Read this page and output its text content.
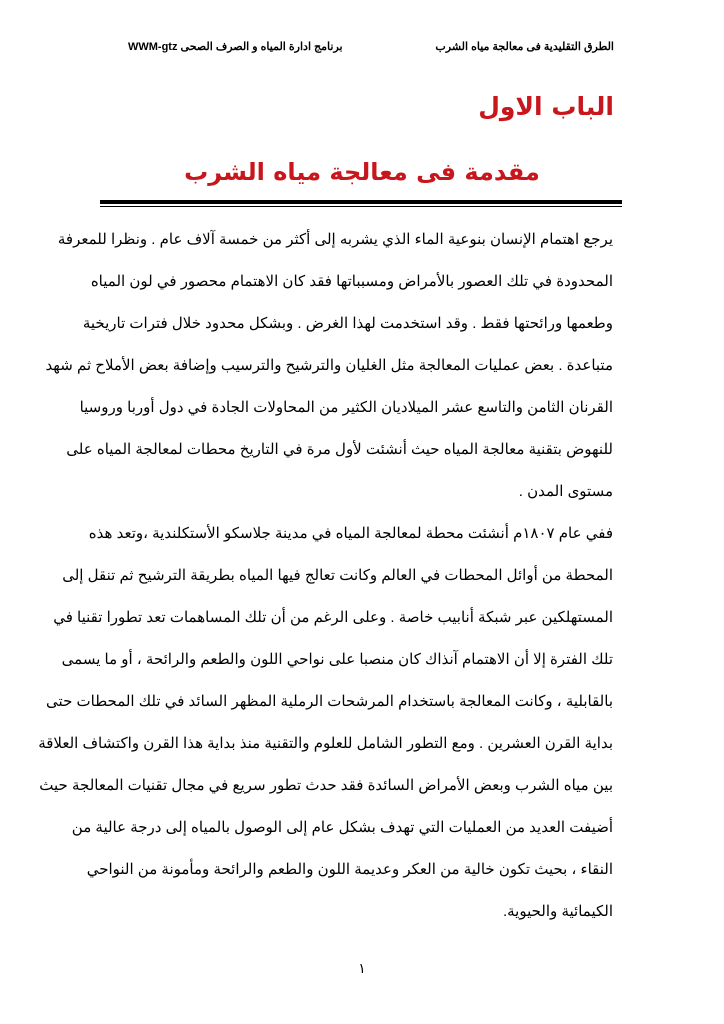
الطرق التقليدية فى معالجة مياه الشرب
برنامج ادارة المياه و الصرف الصحى WWM-gtz
الباب الاول
مقدمة فى معالجة مياه الشرب
يرجع اهتمام الإنسان بنوعية الماء الذي يشربه إلى أكثر من خمسة آلاف عام . ونظرا للمعرفة
المحدودة في تلك العصور بالأمراض ومسبباتها فقد كان الاهتمام محصور في لون المياه
وطعمها ورائحتها فقط . وقد استخدمت لهذا الغرض . وبشكل محدود خلال فترات تاريخية
متباعدة . بعض عمليات المعالجة مثل الغليان والترشيح والترسيب وإضافة بعض الأملاح ثم شهد
القرنان الثامن والتاسع عشر الميلاديان الكثير من المحاولات الجادة في دول أوربا وروسيا
للنهوض بتقنية معالجة المياه حيث أنشئت لأول مرة في التاريخ محطات لمعالجة المياه على
مستوى المدن .
ففي عام ١٨٠٧م أنشئت محطة لمعالجة المياه في مدينة جلاسكو الأستكلندية ،وتعد هذه
المحطة من أوائل المحطات في العالم وكانت تعالج فيها المياه بطريقة الترشيح ثم تنقل إلى
المستهلكين عبر شبكة أنابيب خاصة . وعلى الرغم من أن تلك المساهمات تعد تطورا تقنيا في
تلك الفترة إلا أن الاهتمام آنذاك كان منصبا على نواحي اللون والطعم والرائحة ، أو ما يسمى
بالقابلية ، وكانت المعالجة باستخدام المرشحات الرملية المظهر السائد في تلك المحطات حتى
بداية القرن العشرين . ومع التطور الشامل للعلوم والتقنية منذ بداية هذا القرن واكتشاف العلاقة
بين مياه الشرب وبعض الأمراض السائدة فقد حدث تطور سريع في مجال تقنيات المعالجة حيث
أضيفت العديد من العمليات التي تهدف بشكل عام إلى الوصول بالمياه إلى درجة عالية من
النقاء ، بحيث تكون خالية من العكر وعديمة اللون والطعم والرائحة ومأمونة من النواحي
الكيمائية والحيوية.
١
